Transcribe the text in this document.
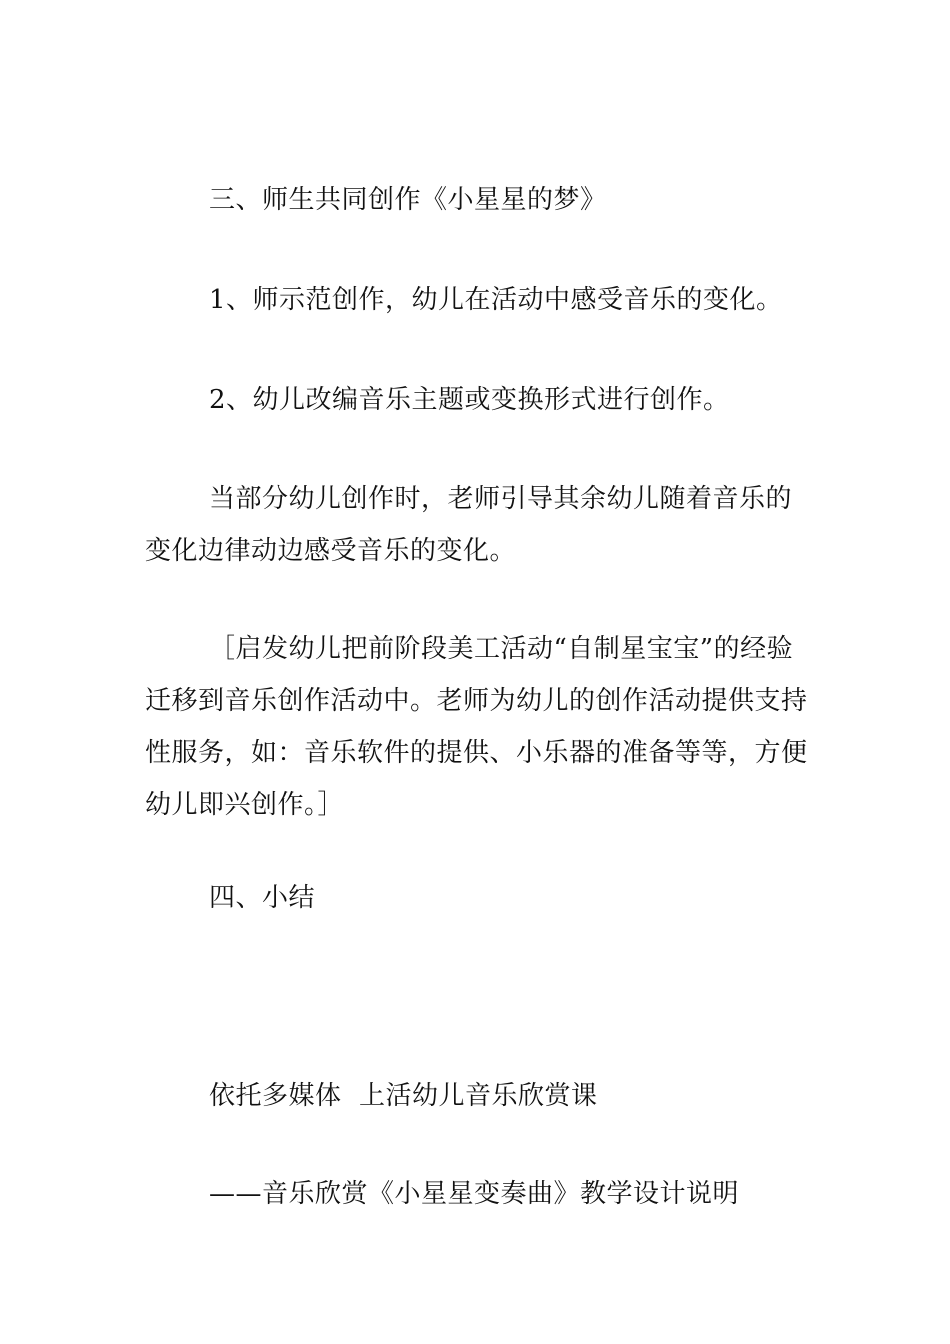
三、师生共同创作《小星星的梦》

1、师示范创作，幼儿在活动中感受音乐的变化。

2、幼儿改编音乐主题或变换形式进行创作。

当部分幼儿创作时，老师引导其余幼儿随着音乐的变化边律动边感受音乐的变化。

［启发幼儿把前阶段美工活动“自制星宝宝”的经验迁移到音乐创作活动中。老师为幼儿的创作活动提供支持性服务，如：音乐软件的提供、小乐器的准备等等，方便幼儿即兴创作。］

四、小结

依托多媒体  上活幼儿音乐欣赏课

——音乐欣赏《小星星变奏曲》教学设计说明
